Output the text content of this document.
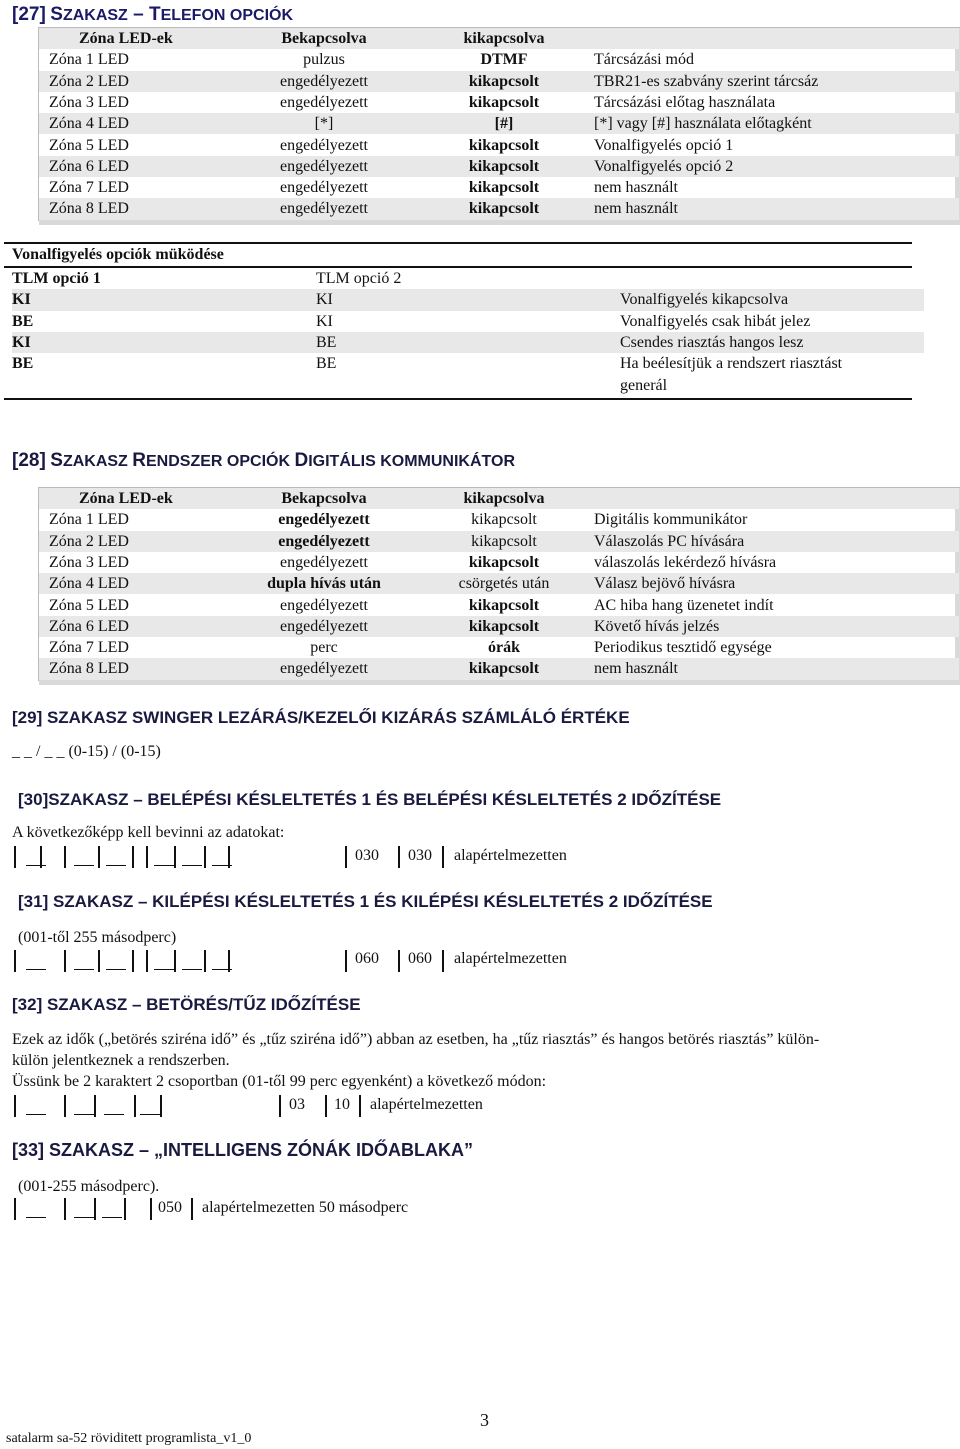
[27] SZAKASZ – TELEFON OPCIÓK
Zóna LED-ek	Bekapcsolva	kikapcsolva
Zóna 1 LED	pulzus	DTMF	Tárcsázási mód
Zóna 2 LED	engedélyezett	kikapcsolt	TBR21-es szabvány szerint tárcsáz
Zóna 3 LED	engedélyezett	kikapcsolt	Tárcsázási előtag használata
Zóna 4 LED	[*]	[#]	[*] vagy [#] használata előtagként
Zóna 5 LED	engedélyezett	kikapcsolt	Vonalfigyelés opció 1
Zóna 6 LED	engedélyezett	kikapcsolt	Vonalfigyelés opció 2
Zóna 7 LED	engedélyezett	kikapcsolt	nem használt
Zóna 8 LED	engedélyezett	kikapcsolt	nem használt
Vonalfigyelés opciók müködése
TLM opció 1	TLM opció 2
KI	KI	Vonalfigyelés kikapcsolva
BE	KI	Vonalfigyelés csak hibát jelez
KI	BE	Csendes riasztás hangos lesz
BE	BE	Ha beélesítjük a rendszert riasztást
generál
[28] SZAKASZ RENDSZER OPCIÓK DIGITÁLIS KOMMUNIKÁTOR
Zóna LED-ek	Bekapcsolva	kikapcsolva
Zóna 1 LED	engedélyezett	kikapcsolt	Digitális kommunikátor
Zóna 2 LED	engedélyezett	kikapcsolt	Válaszolás PC hívására
Zóna 3 LED	engedélyezett	kikapcsolt	válaszolás lekérdező hívásra
Zóna 4 LED	dupla hívás után	csörgetés után	Válasz bejövő hívásra
Zóna 5 LED	engedélyezett	kikapcsolt	AC hiba hang üzenetet indít
Zóna 6 LED	engedélyezett	kikapcsolt	Követő hívás jelzés
Zóna 7 LED	perc	órák	Periodikus tesztidő egysége
Zóna 8 LED	engedélyezett	kikapcsolt	nem használt
[29] SZAKASZ SWINGER LEZÁRÁS/KEZELŐI KIZÁRÁS SZÁMLÁLÓ ÉRTÉKE
_ _ / _ _ (0-15) / (0-15)
[30]SZAKASZ – BELÉPÉSI KÉSLELTETÉS 1 ÉS BELÉPÉSI KÉSLELTETÉS 2 IDŐZÍTÉSE
A következőképp kell bevinni az adatokat:
030 030 alapértelmezetten
[31] SZAKASZ – KILÉPÉSI KÉSLELTETÉS 1 ÉS KILÉPÉSI KÉSLELTETÉS 2 IDŐZÍTÉSE
(001-től 255 másodperc)
060 060 alapértelmezetten
[32] SZAKASZ – BETÖRÉS/TŰZ IDŐZÍTÉSE
Ezek az idők („betörés sziréna idő” és „tűz sziréna idő”) abban az esetben, ha „tűz riasztás” és hangos betörés riasztás” külön-
külön jelentkeznek a rendszerben.
Üssünk be 2 karaktert 2 csoportban (01-től 99 perc egyenként) a következő módon:
03 10 alapértelmezetten
[33] SZAKASZ – „INTELLIGENS ZÓNÁK IDŐABLAKA”
(001-255 másodperc).
050 alapértelmezetten 50 másodperc
3
satalarm sa-52 röviditett programlista_v1_0
